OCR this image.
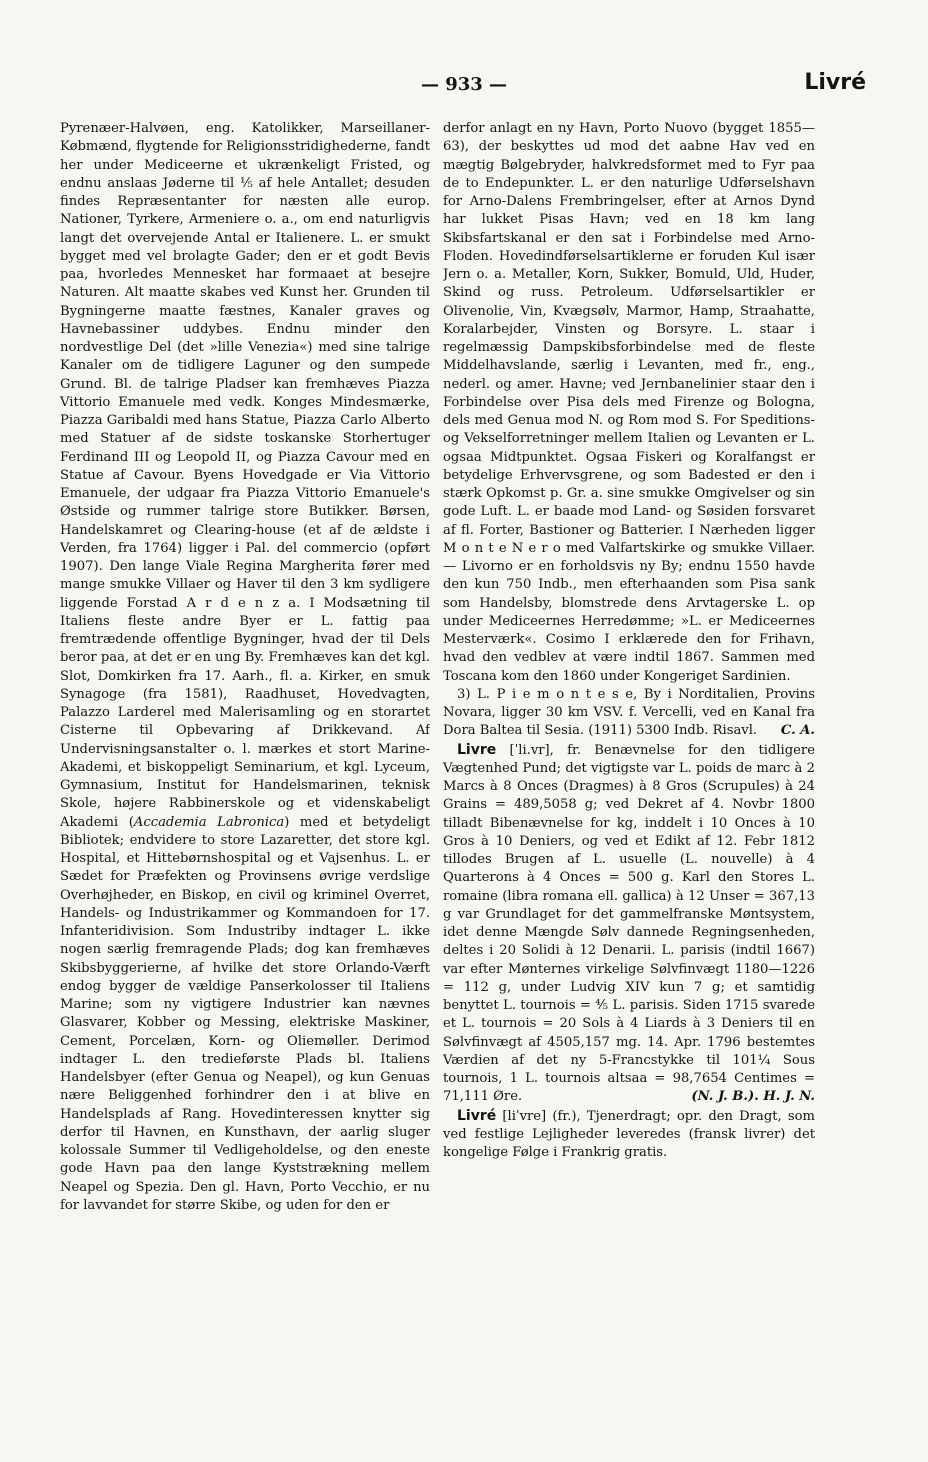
— 933 —	Livré

Pyrenæer-Halvøen, eng. Katolikker, Marseillaner-Købmænd, flygtende for Religionsstridighederne, fandt her under Mediceerne et ukrænkeligt Fristed, og endnu anslaas Jøderne til ⅕ af hele Antallet; desuden findes Repræsentanter for næsten alle europ. Nationer, Tyrkere, Armeniere o. a., om end naturligvis langt det overvejende Antal er Italienere. L. er smukt bygget med vel brolagte Gader; den er et godt Bevis paa, hvorledes Mennesket har formaaet at besejre Naturen. Alt maatte skabes ved Kunst her. Grunden til Bygningerne maatte fæstnes, Kanaler graves og Havnebassiner uddybes. Endnu minder den nordvestlige Del (det »lille Venezia«) med sine talrige Kanaler om de tidligere Laguner og den sumpede Grund. Bl. de talrige Pladser kan fremhæves Piazza Vittorio Emanuele med vedk. Konges Mindesmærke, Piazza Garibaldi med hans Statue, Piazza Carlo Alberto med Statuer af de sidste toskanske Storhertuger Ferdinand III og Leopold II, og Piazza Cavour med en Statue af Cavour. Byens Hovedgade er Via Vittorio Emanuele, der udgaar fra Piazza Vittorio Emanuele's Østside og rummer talrige store Butikker. Børsen, Handelskamret og Clearing-house (et af de ældste i Verden, fra 1764) ligger i Pal. del commercio (opført 1907). Den lange Viale Regina Margherita fører med mange smukke Villaer og Haver til den 3 km sydligere liggende Forstad A r d e n z a. I Modsætning til Italiens fleste andre Byer er L. fattig paa fremtrædende offentlige Bygninger, hvad der til Dels beror paa, at det er en ung By. Fremhæves kan det kgl. Slot, Domkirken fra 17. Aarh., fl. a. Kirker, en smuk Synagoge (fra 1581), Raadhuset, Hovedvagten, Palazzo Larderel med Malerisamling og en storartet Cisterne til Opbevaring af Drikkevand. Af Undervisningsanstalter o. l. mærkes et stort Marine-Akademi, et biskoppeligt Seminarium, et kgl. Lyceum, Gymnasium, Institut for Handelsmarinen, teknisk Skole, højere Rabbinerskole og et videnskabeligt Akademi (Accademia Labronica) med et betydeligt Bibliotek; endvidere to store Lazaretter, det store kgl. Hospital, et Hittebørnshospital og et Vajsenhus. L. er Sædet for Præfekten og Provinsens øvrige verdslige Overhøjheder, en Biskop, en civil og kriminel Overret, Handels- og Industrikammer og Kommandoen for 17. Infanteridivision. Som Industriby indtager L. ikke nogen særlig fremragende Plads; dog kan fremhæves Skibsbyggerierne, af hvilke det store Orlando-Værft endog bygger de vældige Panserkolosser til Italiens Marine; som ny vigtigere Industrier kan nævnes Glasvarer, Kobber og Messing, elektriske Maskiner, Cement, Porcelæn, Korn- og Oliemøller. Derimod indtager L. den tredieførste Plads bl. Italiens Handelsbyer (efter Genua og Neapel), og kun Genuas nære Beliggenhed forhindrer den i at blive en Handelsplads af Rang. Hovedinteressen knytter sig derfor til Havnen, en Kunsthavn, der aarlig sluger kolossale Summer til Vedligeholdelse, og den eneste gode Havn paa den lange Kyststrækning mellem Neapel og Spezia. Den gl. Havn, Porto Vecchio, er nu for lavvandet for større Skibe, og uden for den er

derfor anlagt en ny Havn, Porto Nuovo (bygget 1855—63), der beskyttes ud mod det aabne Hav ved en mægtig Bølgebryder, halvkredsformet med to Fyr paa de to Endepunkter. L. er den naturlige Udførselshavn for Arno-Dalens Frembringelser, efter at Arnos Dynd har lukket Pisas Havn; ved en 18 km lang Skibsfartskanal er den sat i Forbindelse med Arno-Floden. Hovedindførselsartiklerne er foruden Kul især Jern o. a. Metaller, Korn, Sukker, Bomuld, Uld, Huder, Skind og russ. Petroleum. Udførselsartikler er Olivenolie, Vin, Kvægsølv, Marmor, Hamp, Straahatte, Koralarbejder, Vinsten og Borsyre. L. staar i regelmæssig Dampskibsforbindelse med de fleste Middelhavslande, særlig i Levanten, med fr., eng., nederl. og amer. Havne; ved Jernbanelinier staar den i Forbindelse over Pisa dels med Firenze og Bologna, dels med Genua mod N. og Rom mod S. For Speditions- og Vekselforretninger mellem Italien og Levanten er L. ogsaa Midtpunktet. Ogsaa Fiskeri og Koralfangst er betydelige Erhvervsgrene, og som Badested er den i stærk Opkomst p. Gr. a. sine smukke Omgivelser og sin gode Luft. L. er baade mod Land- og Søsiden forsvaret af fl. Forter, Bastioner og Batterier. I Nærheden ligger M o n t e N e r o med Valfartskirke og smukke Villaer. — Livorno er en forholdsvis ny By; endnu 1550 havde den kun 750 Indb., men efterhaanden som Pisa sank som Handelsby, blomstrede dens Arvtagerske L. op under Mediceernes Herredømme; »L. er Mediceernes Mesterværk«. Cosimo I erklærede den for Frihavn, hvad den vedblev at være indtil 1867. Sammen med Toscana kom den 1860 under Kongeriget Sardinien.

3) L. P i e m o n t e s e, By i Norditalien, Provins Novara, ligger 30 km VSV. f. Vercelli, ved en Kanal fra Dora Baltea til Sesia. (1911) 5300 Indb. Risavl.	C. A.

Livre [ˈli.vr], fr. Benævnelse for den tidligere Vægtenhed Pund; det vigtigste var L. poids de marc à 2 Marcs à 8 Onces (Dragmes) à 8 Gros (Scrupules) à 24 Grains = 489,5058 g; ved Dekret af 4. Novbr 1800 tilladt Bibenævnelse for kg, inddelt i 10 Onces à 10 Gros à 10 Deniers, og ved et Edikt af 12. Febr 1812 tillodes Brugen af L. usuelle (L. nouvelle) à 4 Quarterons à 4 Onces = 500 g. Karl den Stores L. romaine (libra romana ell. gallica) à 12 Unser = 367,13 g var Grundlaget for det gammelfranske Møntsystem, idet denne Mængde Sølv dannede Regningsenheden, deltes i 20 Solidi à 12 Denarii. L. parisis (indtil 1667) var efter Mønternes virkelige Sølvfinvægt 1180—1226 = 112 g, under Ludvig XIV kun 7 g; et samtidig benyttet L. tournois = ⅘ L. parisis. Siden 1715 svarede et L. tournois = 20 Sols à 4 Liards à 3 Deniers til en Sølvfinvægt af 4505,157 mg. 14. Apr. 1796 bestemtes Værdien af det ny 5-Francstykke til 101¼ Sous tournois, 1 L. tournois altsaa = 98,7654 Centimes = 71,111 Øre.	(N. J. B.). H. J. N.

Livré [liˈvre] (fr.), Tjenerdragt; opr. den Dragt, som ved festlige Lejligheder leveredes (fransk livrer) det kongelige Følge i Frankrig gratis.
